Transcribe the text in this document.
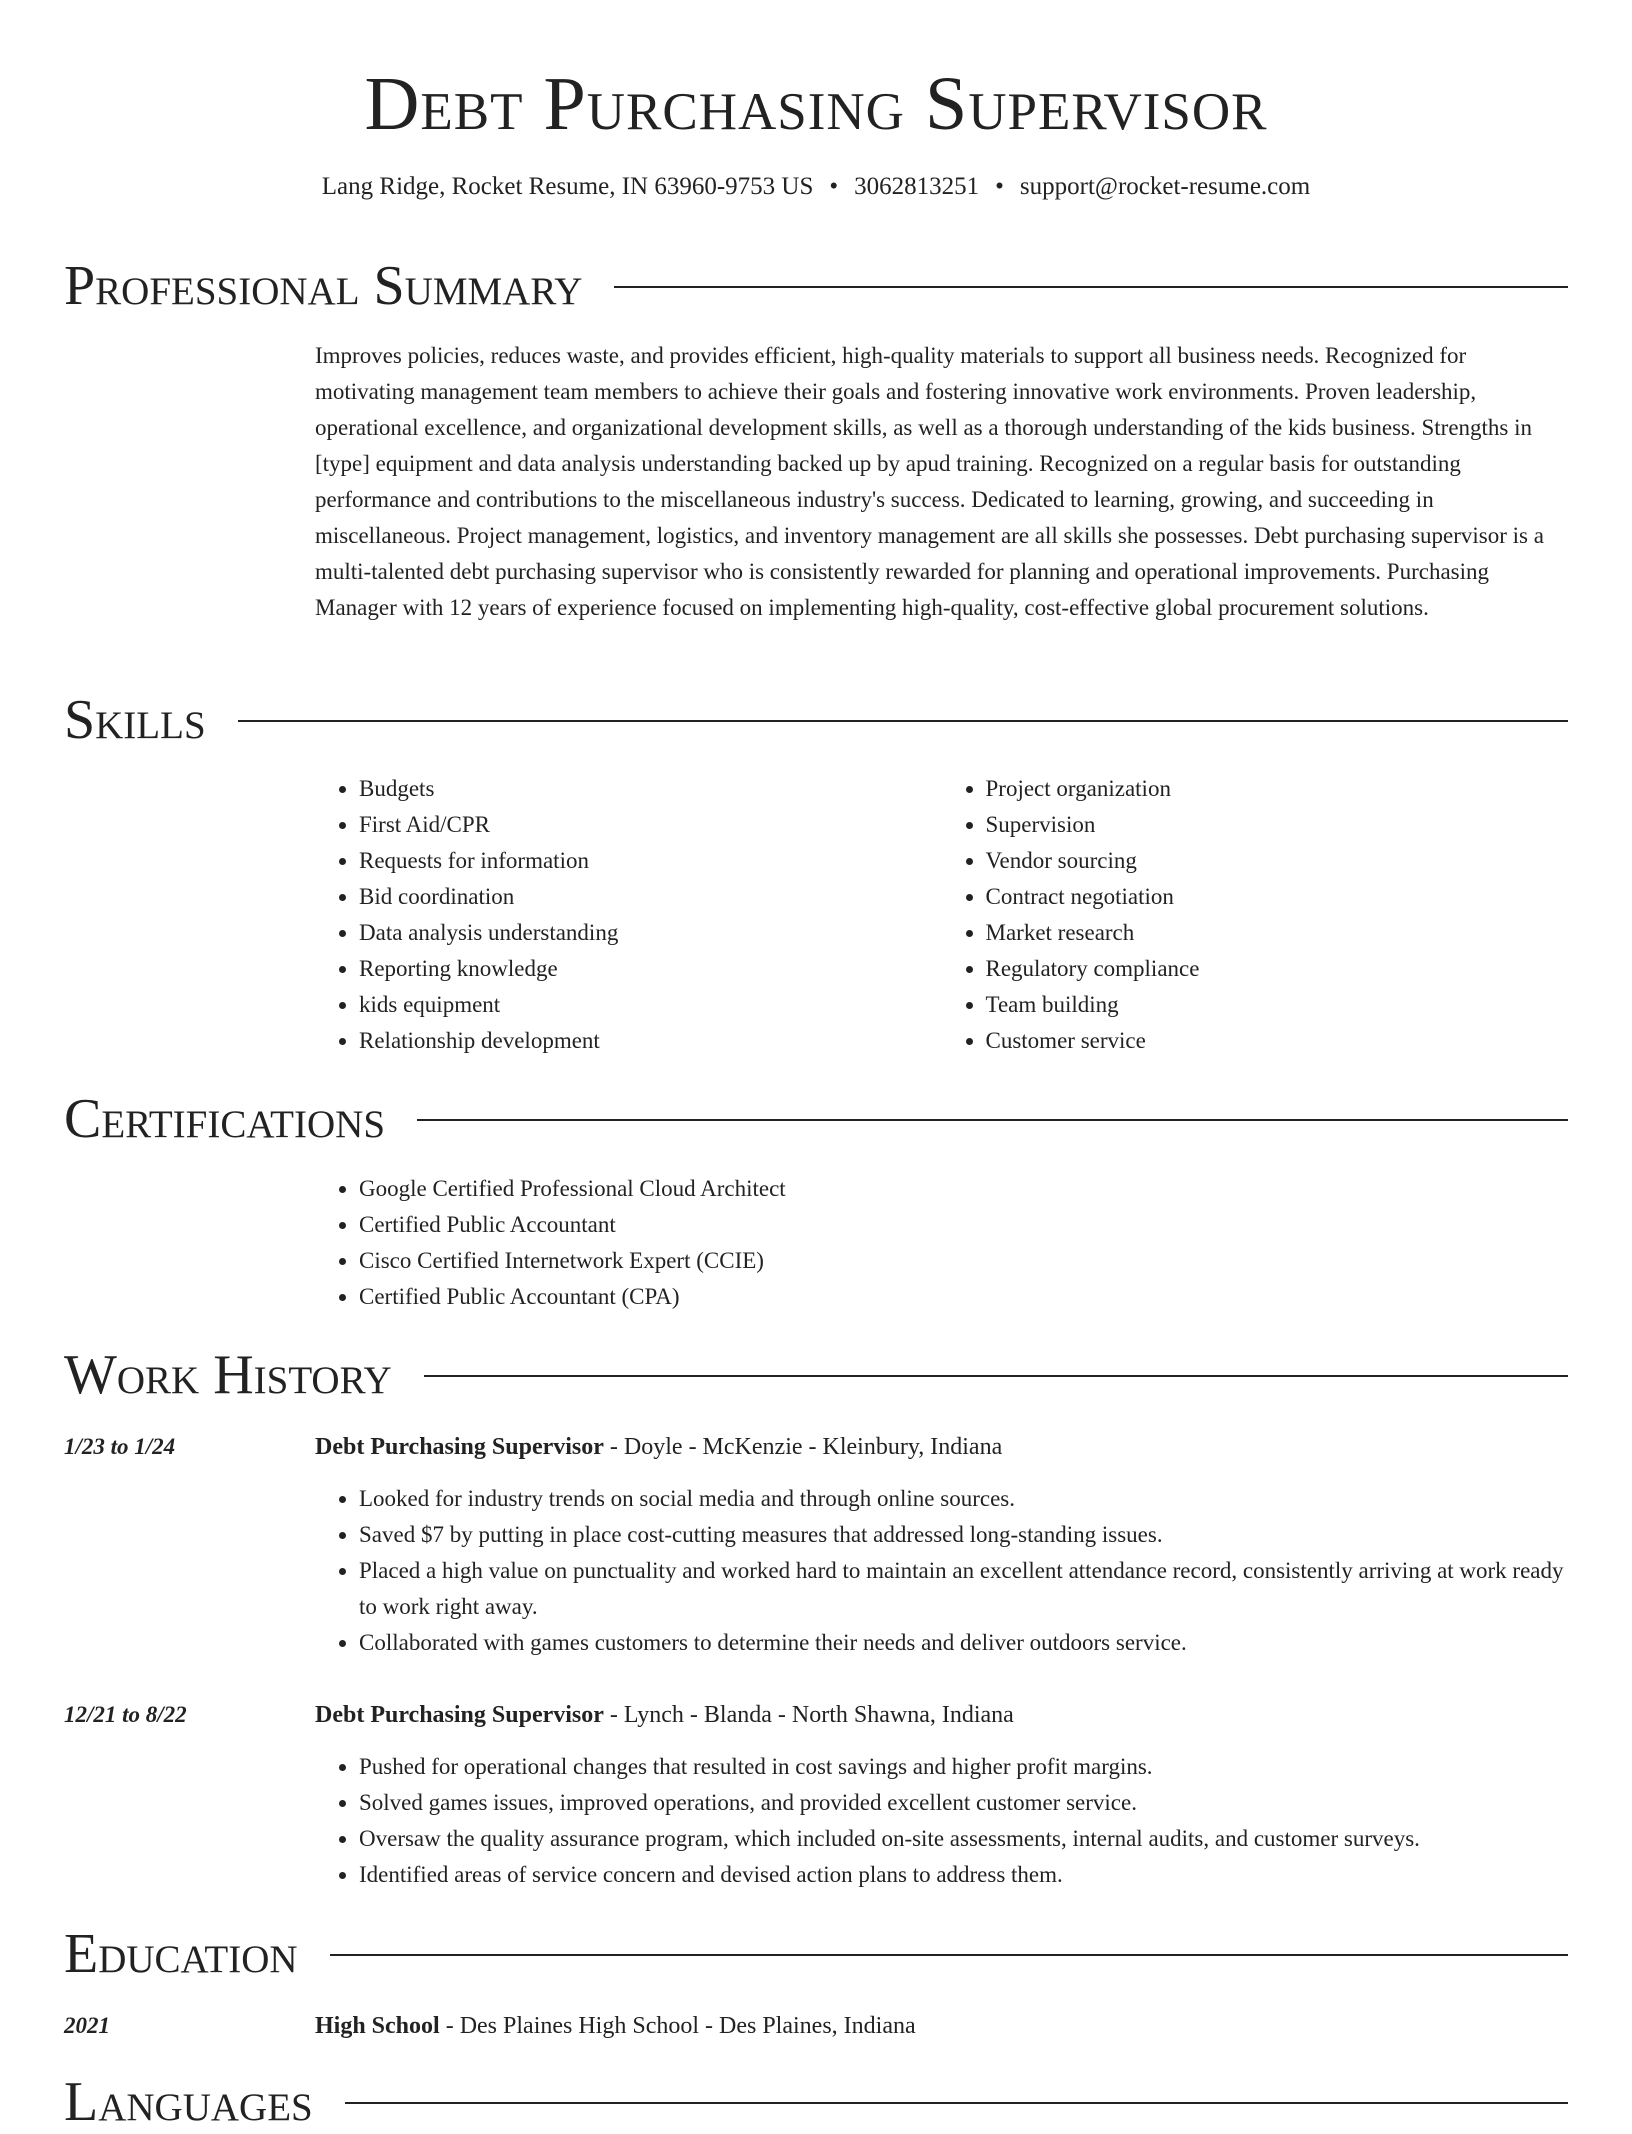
Debt Purchasing Supervisor
Lang Ridge, Rocket Resume, IN 63960-9753 US • 3062813251 • support@rocket-resume.com
Professional Summary

Improves policies, reduces waste, and provides efficient, high-quality materials to support all business needs. Recognized for motivating management team members to achieve their goals and fostering innovative work environments. Proven leadership, operational excellence, and organizational development skills, as well as a thorough understanding of the kids business. Strengths in [type] equipment and data analysis understanding backed up by apud training. Recognized on a regular basis for outstanding performance and contributions to the miscellaneous industry's success. Dedicated to learning, growing, and succeeding in miscellaneous. Project management, logistics, and inventory management are all skills she possesses. Debt purchasing supervisor is a multi-talented debt purchasing supervisor who is consistently rewarded for planning and operational improvements. Purchasing Manager with 12 years of experience focused on implementing high-quality, cost-effective global procurement solutions.

Skills
• Budgets
• First Aid/CPR
• Requests for information
• Bid coordination
• Data analysis understanding
• Reporting knowledge
• kids equipment
• Relationship development
• Project organization
• Supervision
• Vendor sourcing
• Contract negotiation
• Market research
• Regulatory compliance
• Team building
• Customer service
Certifications
• Google Certified Professional Cloud Architect
• Certified Public Accountant
• Cisco Certified Internetwork Expert (CCIE)
• Certified Public Accountant (CPA)
Work History
1/23 to 1/24	Debt Purchasing Supervisor - Doyle - McKenzie - Kleinbury, Indiana

• Looked for industry trends on social media and through online sources.
• Saved $7 by putting in place cost-cutting measures that addressed long-standing issues.
• Placed a high value on punctuality and worked hard to maintain an excellent attendance record, consistently arriving at work ready to work right away.
• Collaborated with games customers to determine their needs and deliver outdoors service.
12/21 to 8/22	Debt Purchasing Supervisor - Lynch - Blanda - North Shawna, Indiana

• Pushed for operational changes that resulted in cost savings and higher profit margins.
• Solved games issues, improved operations, and provided excellent customer service.
• Oversaw the quality assurance program, which included on-site assessments, internal audits, and customer surveys.
• Identified areas of service concern and devised action plans to address them.
Education
2021	High School - Des Plaines High School - Des Plaines, Indiana

Languages
